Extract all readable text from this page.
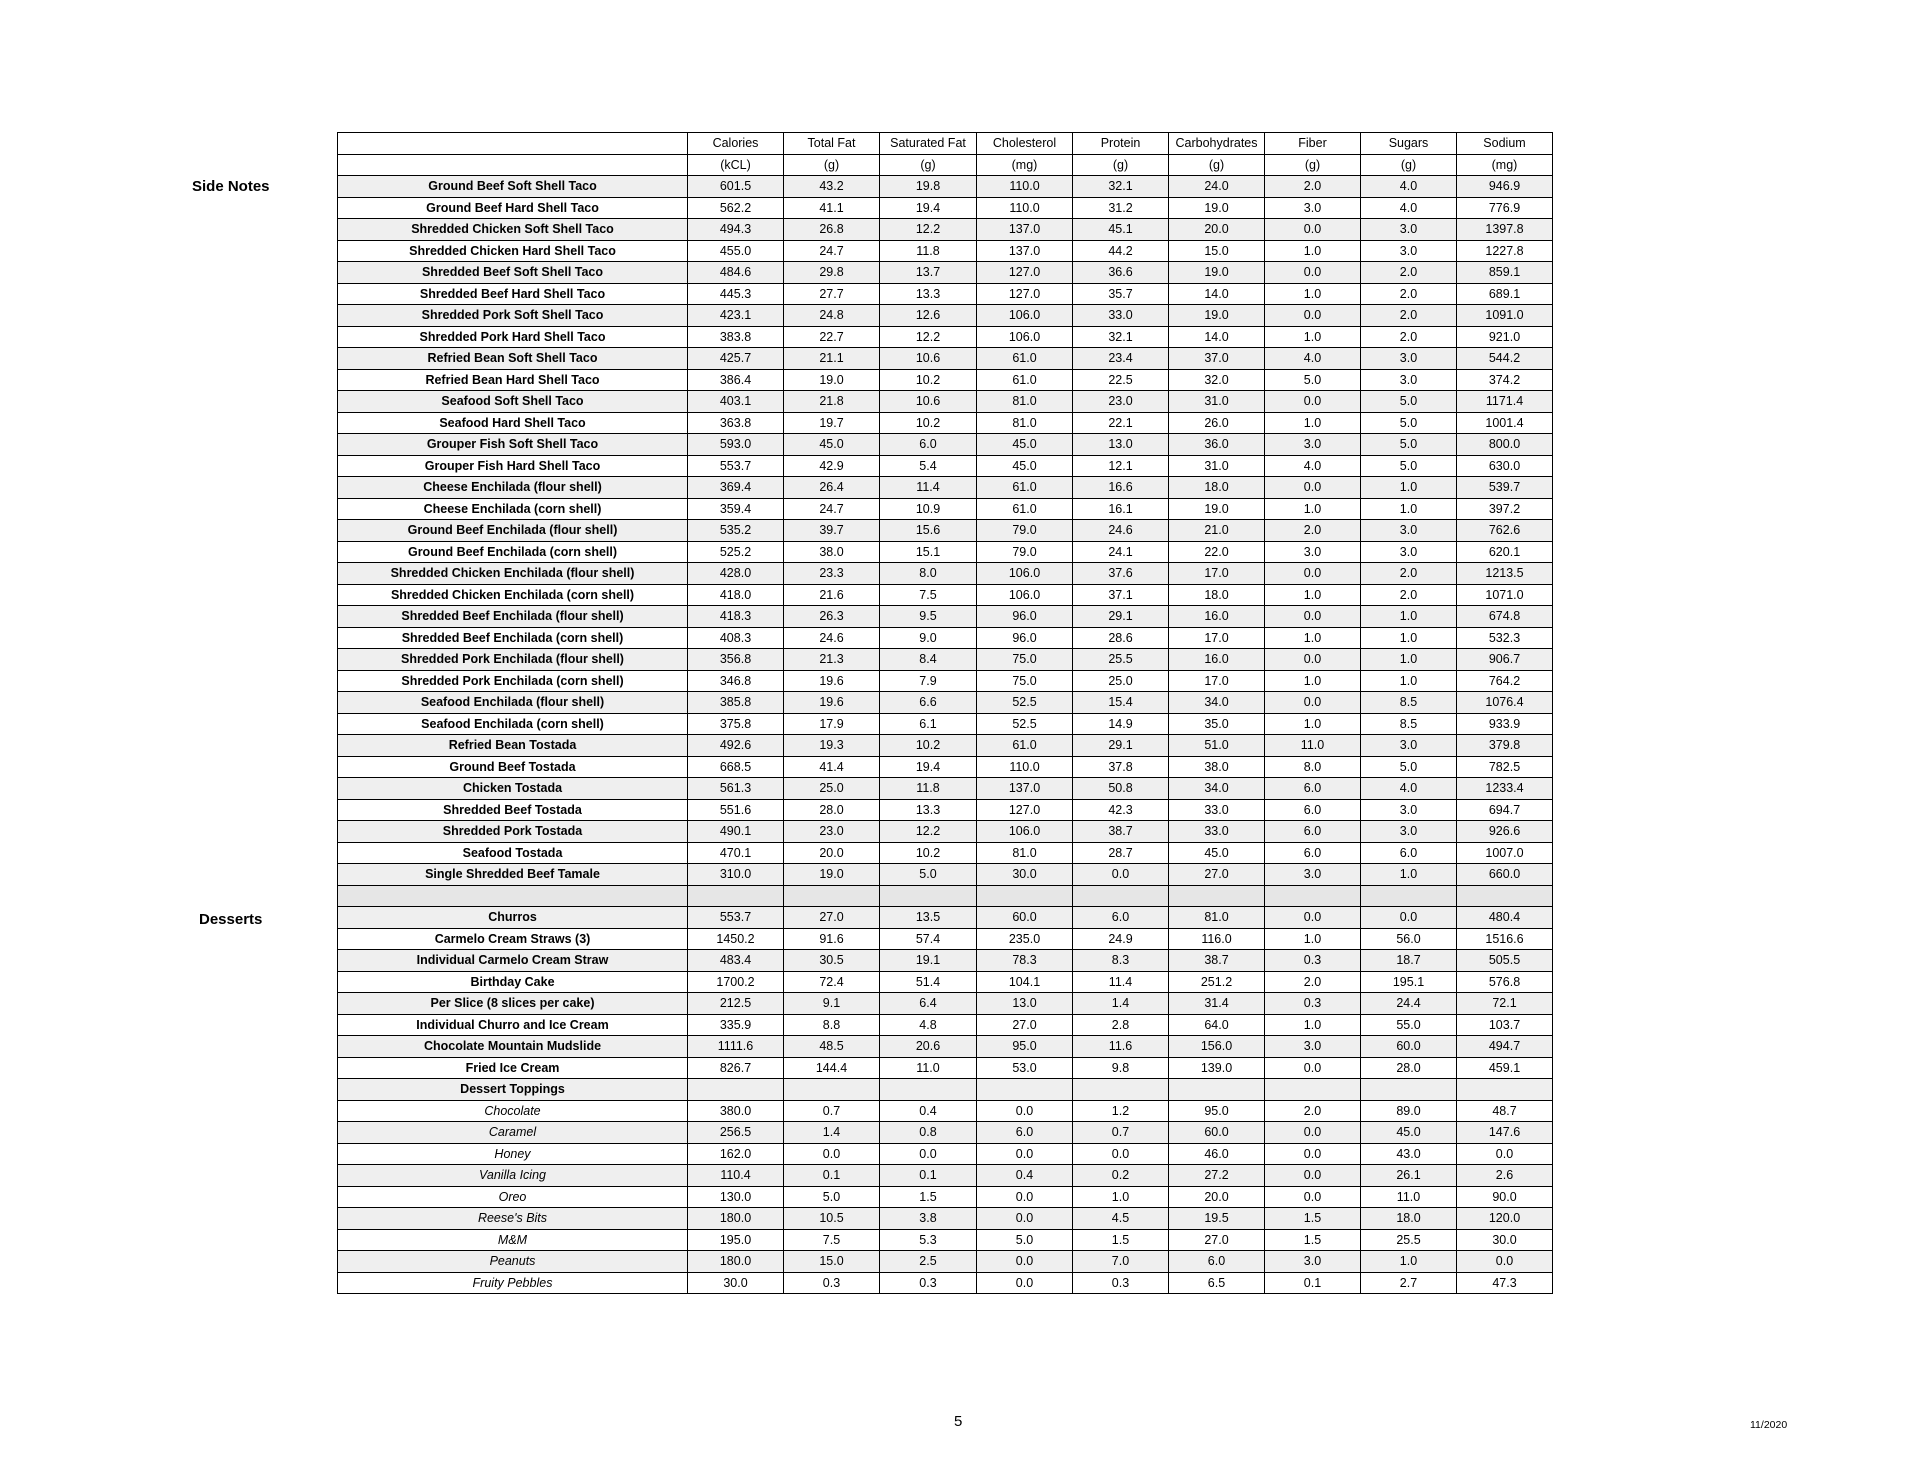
Side Notes
Desserts
	Calories	Total Fat	Saturated Fat	Cholesterol	Protein	Carbohydrates	Fiber	Sugars	Sodium
	(kCL)	(g)	(g)	(mg)	(g)	(g)	(g)	(g)	(mg)
Ground Beef Soft Shell Taco	601.5	43.2	19.8	110.0	32.1	24.0	2.0	4.0	946.9
Ground Beef Hard Shell Taco	562.2	41.1	19.4	110.0	31.2	19.0	3.0	4.0	776.9
Shredded Chicken Soft Shell Taco	494.3	26.8	12.2	137.0	45.1	20.0	0.0	3.0	1397.8
Shredded Chicken Hard Shell Taco	455.0	24.7	11.8	137.0	44.2	15.0	1.0	3.0	1227.8
Shredded Beef Soft Shell Taco	484.6	29.8	13.7	127.0	36.6	19.0	0.0	2.0	859.1
Shredded Beef Hard Shell Taco	445.3	27.7	13.3	127.0	35.7	14.0	1.0	2.0	689.1
Shredded Pork Soft Shell Taco	423.1	24.8	12.6	106.0	33.0	19.0	0.0	2.0	1091.0
Shredded Pork Hard Shell Taco	383.8	22.7	12.2	106.0	32.1	14.0	1.0	2.0	921.0
Refried Bean Soft Shell Taco	425.7	21.1	10.6	61.0	23.4	37.0	4.0	3.0	544.2
Refried Bean Hard Shell Taco	386.4	19.0	10.2	61.0	22.5	32.0	5.0	3.0	374.2
Seafood Soft Shell Taco	403.1	21.8	10.6	81.0	23.0	31.0	0.0	5.0	1171.4
Seafood Hard Shell Taco	363.8	19.7	10.2	81.0	22.1	26.0	1.0	5.0	1001.4
Grouper Fish Soft Shell Taco	593.0	45.0	6.0	45.0	13.0	36.0	3.0	5.0	800.0
Grouper Fish Hard Shell Taco	553.7	42.9	5.4	45.0	12.1	31.0	4.0	5.0	630.0
Cheese Enchilada (flour shell)	369.4	26.4	11.4	61.0	16.6	18.0	0.0	1.0	539.7
Cheese Enchilada (corn shell)	359.4	24.7	10.9	61.0	16.1	19.0	1.0	1.0	397.2
Ground Beef Enchilada (flour shell)	535.2	39.7	15.6	79.0	24.6	21.0	2.0	3.0	762.6
Ground Beef Enchilada (corn shell)	525.2	38.0	15.1	79.0	24.1	22.0	3.0	3.0	620.1
Shredded Chicken Enchilada (flour shell)	428.0	23.3	8.0	106.0	37.6	17.0	0.0	2.0	1213.5
Shredded Chicken Enchilada (corn shell)	418.0	21.6	7.5	106.0	37.1	18.0	1.0	2.0	1071.0
Shredded Beef Enchilada (flour shell)	418.3	26.3	9.5	96.0	29.1	16.0	0.0	1.0	674.8
Shredded Beef Enchilada (corn shell)	408.3	24.6	9.0	96.0	28.6	17.0	1.0	1.0	532.3
Shredded Pork Enchilada (flour shell)	356.8	21.3	8.4	75.0	25.5	16.0	0.0	1.0	906.7
Shredded Pork Enchilada (corn shell)	346.8	19.6	7.9	75.0	25.0	17.0	1.0	1.0	764.2
Seafood Enchilada (flour shell)	385.8	19.6	6.6	52.5	15.4	34.0	0.0	8.5	1076.4
Seafood Enchilada (corn shell)	375.8	17.9	6.1	52.5	14.9	35.0	1.0	8.5	933.9
Refried Bean Tostada	492.6	19.3	10.2	61.0	29.1	51.0	11.0	3.0	379.8
Ground Beef Tostada	668.5	41.4	19.4	110.0	37.8	38.0	8.0	5.0	782.5
Chicken Tostada	561.3	25.0	11.8	137.0	50.8	34.0	6.0	4.0	1233.4
Shredded Beef Tostada	551.6	28.0	13.3	127.0	42.3	33.0	6.0	3.0	694.7
Shredded Pork Tostada	490.1	23.0	12.2	106.0	38.7	33.0	6.0	3.0	926.6
Seafood Tostada	470.1	20.0	10.2	81.0	28.7	45.0	6.0	6.0	1007.0
Single Shredded Beef Tamale	310.0	19.0	5.0	30.0	0.0	27.0	3.0	1.0	660.0

Churros	553.7	27.0	13.5	60.0	6.0	81.0	0.0	0.0	480.4
Carmelo Cream Straws (3)	1450.2	91.6	57.4	235.0	24.9	116.0	1.0	56.0	1516.6
Individual Carmelo Cream Straw	483.4	30.5	19.1	78.3	8.3	38.7	0.3	18.7	505.5
Birthday Cake	1700.2	72.4	51.4	104.1	11.4	251.2	2.0	195.1	576.8
Per Slice (8 slices per cake)	212.5	9.1	6.4	13.0	1.4	31.4	0.3	24.4	72.1
Individual Churro and Ice Cream	335.9	8.8	4.8	27.0	2.8	64.0	1.0	55.0	103.7
Chocolate Mountain Mudslide	1111.6	48.5	20.6	95.0	11.6	156.0	3.0	60.0	494.7
Fried Ice Cream	826.7	144.4	11.0	53.0	9.8	139.0	0.0	28.0	459.1
Dessert Toppings									
Chocolate	380.0	0.7	0.4	0.0	1.2	95.0	2.0	89.0	48.7
Caramel	256.5	1.4	0.8	6.0	0.7	60.0	0.0	45.0	147.6
Honey	162.0	0.0	0.0	0.0	0.0	46.0	0.0	43.0	0.0
Vanilla Icing	110.4	0.1	0.1	0.4	0.2	27.2	0.0	26.1	2.6
Oreo	130.0	5.0	1.5	0.0	1.0	20.0	0.0	11.0	90.0
Reese's Bits	180.0	10.5	3.8	0.0	4.5	19.5	1.5	18.0	120.0
M&M	195.0	7.5	5.3	5.0	1.5	27.0	1.5	25.5	30.0
Peanuts	180.0	15.0	2.5	0.0	7.0	6.0	3.0	1.0	0.0
Fruity Pebbles	30.0	0.3	0.3	0.0	0.3	6.5	0.1	2.7	47.3
5	11/2020
